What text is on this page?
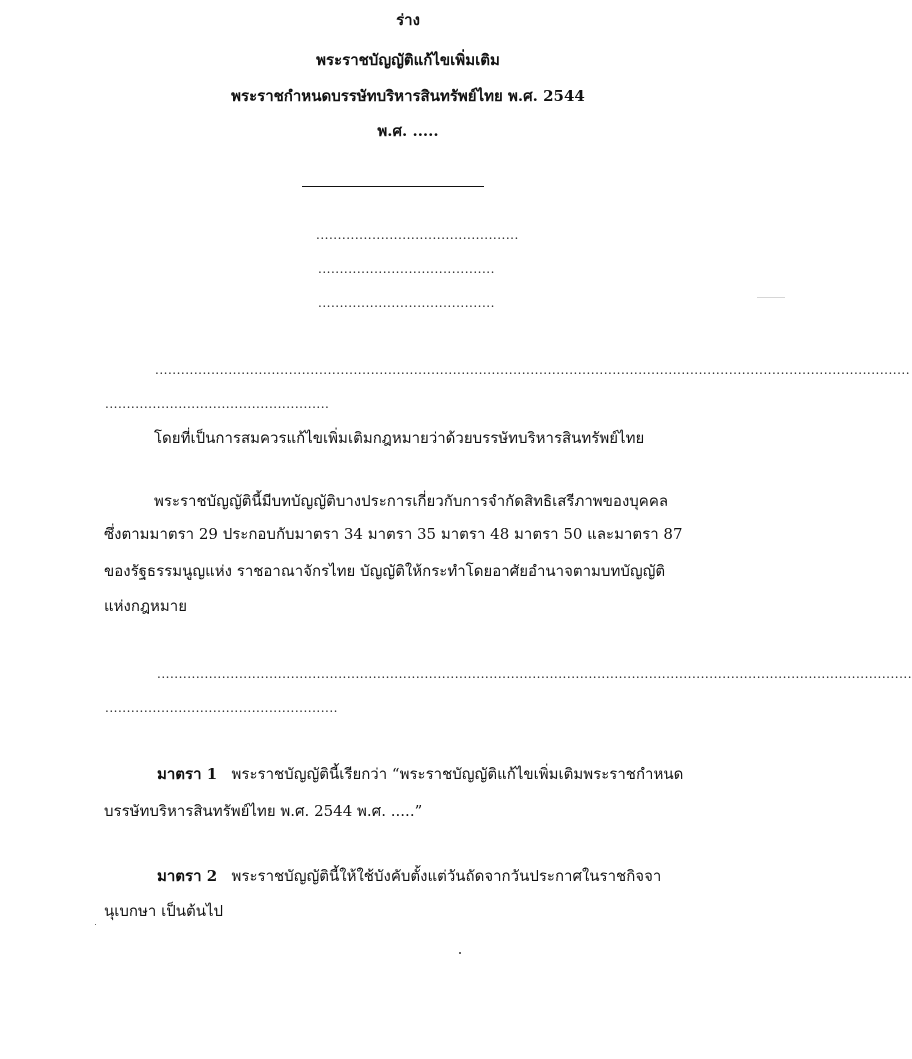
ร่าง
พระราชบัญญัติแก้ไขเพิ่มเติม
พระราชกำหนดบรรษัทบริหารสินทรัพย์ไทย พ.ศ. 2544
พ.ศ. .....
...............................................
.........................................
.........................................
...............................................................................................................................................................................
....................................................
โดยที่เป็นการสมควรแก้ไขเพิ่มเติมกฎหมายว่าด้วยบรรษัทบริหารสินทรัพย์ไทย
พระราชบัญญัตินี้มีบทบัญญัติบางประการเกี่ยวกับการจำกัดสิทธิเสรีภาพของบุคคล
ซึ่งตามมาตรา 29 ประกอบกับมาตรา 34 มาตรา 35 มาตรา 48 มาตรา 50 และมาตรา 87
ของรัฐธรรมนูญแห่ง ราชอาณาจักรไทย บัญญัติให้กระทำโดยอาศัยอำนาจตามบทบัญญัติ
แห่งกฎหมาย
...............................................................................................................................................................................
......................................................
มาตรา 1 พระราชบัญญัตินี้เรียกว่า “พระราชบัญญัติแก้ไขเพิ่มเติมพระราชกำหนด
บรรษัทบริหารสินทรัพย์ไทย พ.ศ. 2544 พ.ศ. .....”
มาตรา 2 พระราชบัญญัตินี้ให้ใช้บังคับตั้งแต่วันถัดจากวันประกาศในราชกิจจา
นุเบกษา เป็นต้นไป
